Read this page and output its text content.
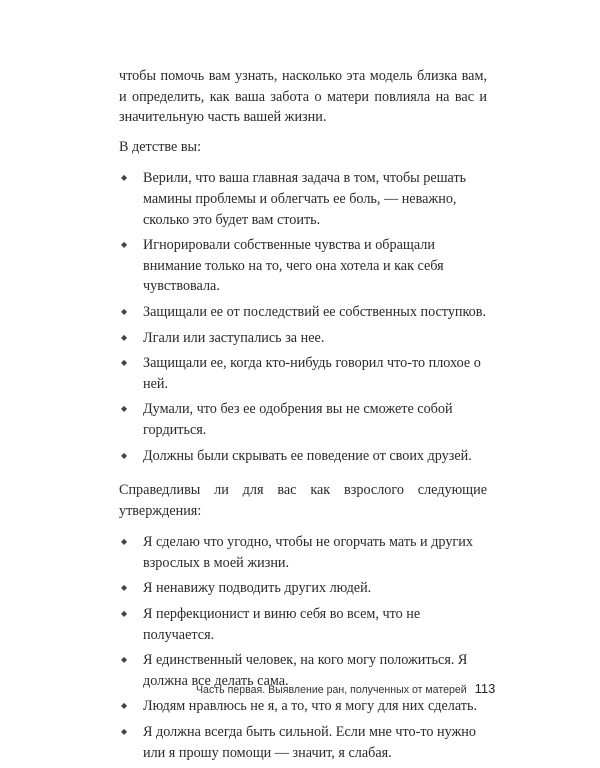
чтобы помочь вам узнать, насколько эта модель близка вам, и определить, как ваша забота о матери повлияла на вас и значительную часть вашей жизни.

В детстве вы:

◆ Верили, что ваша главная задача в том, чтобы решать мамины проблемы и облегчать ее боль, — неважно, сколько это будет вам стоить.
◆ Игнорировали собственные чувства и обращали внимание только на то, чего она хотела и как себя чувствовала.
◆ Защищали ее от последствий ее собственных поступков.
◆ Лгали или заступались за нее.
◆ Защищали ее, когда кто-нибудь говорил что-то плохое о ней.
◆ Думали, что без ее одобрения вы не сможете собой гордиться.
◆ Должны были скрывать ее поведение от своих друзей.

Справедливы ли для вас как взрослого следующие утверждения:

◆ Я сделаю что угодно, чтобы не огорчать мать и других взрослых в моей жизни.
◆ Я ненавижу подводить других людей.
◆ Я перфекционист и виню себя во всем, что не получается.
◆ Я единственный человек, на кого могу положиться. Я должна все делать сама.
◆ Людям нравлюсь не я, а то, что я могу для них сделать.
◆ Я должна всегда быть сильной. Если мне что-то нужно или я прошу помощи — значит, я слабая.
Часть первая. Выявление ран, полученных от матерей 113
